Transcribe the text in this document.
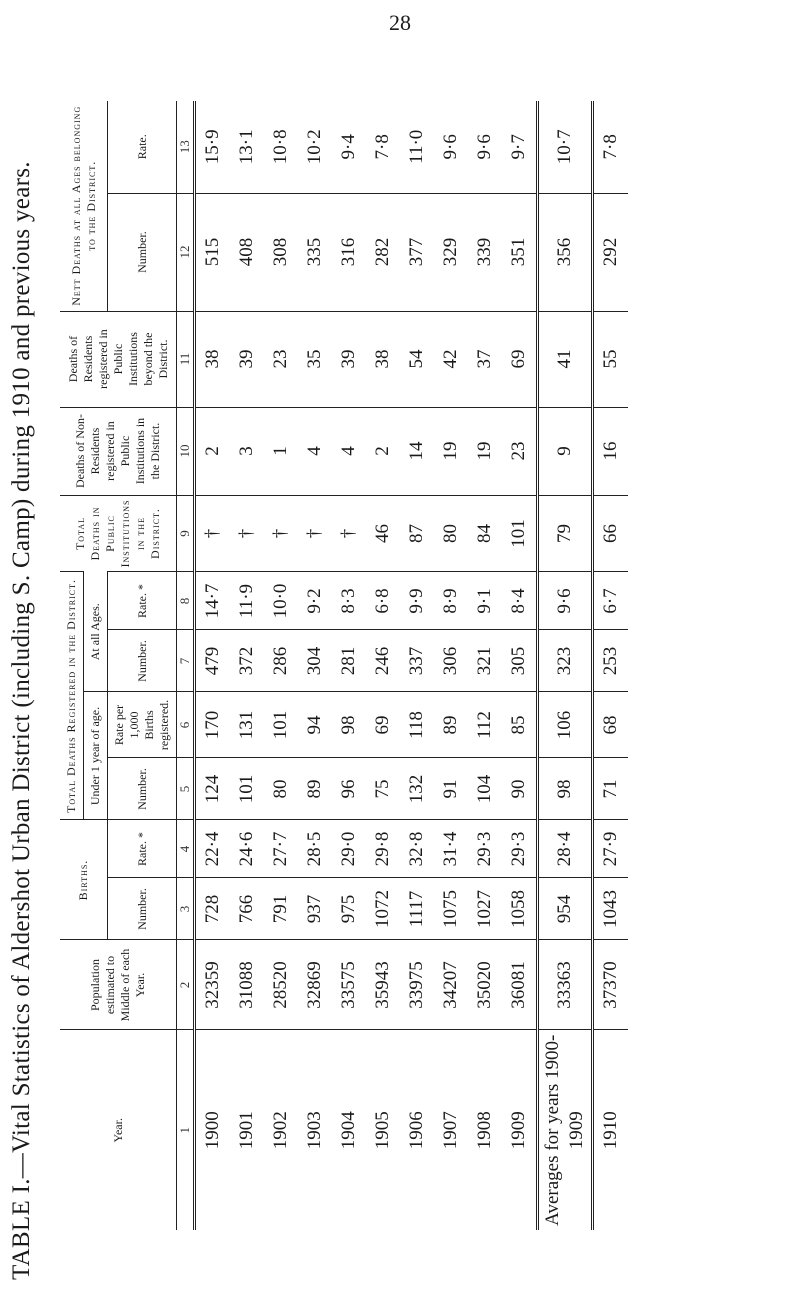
28
TABLE I.—Vital Statistics of Aldershot Urban District (including S. Camp) during 1910 and previous years.	Year.	Population estimated to Middle of each Year.	Births.		Total Deaths Registered in the District.				Total Deaths in Public Institutions in the District.	Deaths of Non-Residents registered in Public Institutions in the District.	Deaths of Residents registered in Public Institutions beyond the District.	Nett Deaths at all Ages belonging to the District.	
				Under 1 year of age.		At all Ages.						
		Number.	Rate. *	Number.	Rate per 1,000 Births registered.	Number.	Rate. *				Number.	Rate.
1	2	3	4	5	6	7	8	9	10	11	12	13
1900	32359	728	22·4	124	170	479	14·7	†	2	38	515	15·9
1901	31088	766	24·6	101	131	372	11·9	†	3	39	408	13·1
1902	28520	791	27·7	80	101	286	10·0	†	1	23	308	10·8
1903	32869	937	28·5	89	94	304	9·2	†	4	35	335	10·2
1904	33575	975	29·0	96	98	281	8·3	†	4	39	316	9·4
1905	35943	1072	29·8	75	69	246	6·8	46	2	38	282	7·8
1906	33975	1117	32·8	132	118	337	9·9	87	14	54	377	11·0
1907	34207	1075	31·4	91	89	306	8·9	80	19	42	329	9·6
1908	35020	1027	29·3	104	112	321	9·1	84	19	37	339	9·6
1909	36081	1058	29·3	90	85	305	8·4	101	23	69	351	9·7
Averages for years 1900-1909	33363	954	28·4	98	106	323	9·6	79	9	41	356	10·7
1910	37370	1043	27·9	71	68	253	6·7	66	16	55	292	7·8
